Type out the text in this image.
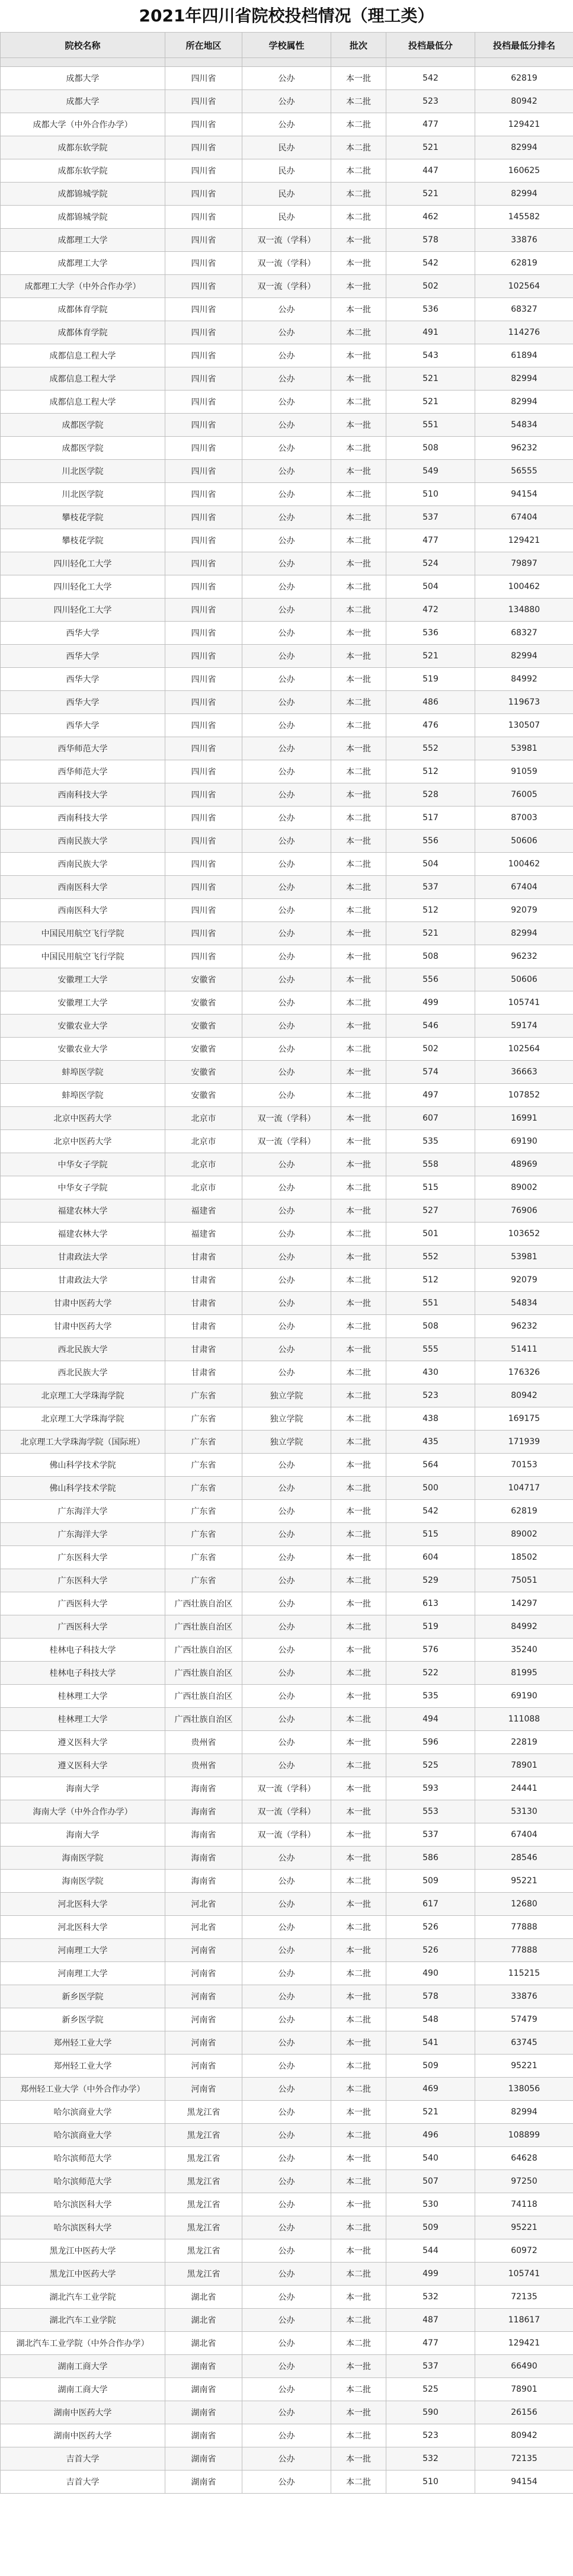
2021年四川省院校投档情况（理工类）
院校名称	所在地区	学校属性	批次	投档最低分	投档最低分排名

成都大学	四川省	公办	本一批	542	62819
成都大学	四川省	公办	本二批	523	80942
成都大学（中外合作办学）	四川省	公办	本二批	477	129421
成都东软学院	四川省	民办	本二批	521	82994
成都东软学院	四川省	民办	本二批	447	160625
成都锦城学院	四川省	民办	本二批	521	82994
成都锦城学院	四川省	民办	本二批	462	145582
成都理工大学	四川省	双一流（学科）	本一批	578	33876
成都理工大学	四川省	双一流（学科）	本一批	542	62819
成都理工大学（中外合作办学）	四川省	双一流（学科）	本一批	502	102564
成都体育学院	四川省	公办	本一批	536	68327
成都体育学院	四川省	公办	本二批	491	114276
成都信息工程大学	四川省	公办	本一批	543	61894
成都信息工程大学	四川省	公办	本一批	521	82994
成都信息工程大学	四川省	公办	本二批	521	82994
成都医学院	四川省	公办	本一批	551	54834
成都医学院	四川省	公办	本二批	508	96232
川北医学院	四川省	公办	本一批	549	56555
川北医学院	四川省	公办	本二批	510	94154
攀枝花学院	四川省	公办	本二批	537	67404
攀枝花学院	四川省	公办	本二批	477	129421
四川轻化工大学	四川省	公办	本一批	524	79897
四川轻化工大学	四川省	公办	本二批	504	100462
四川轻化工大学	四川省	公办	本二批	472	134880
西华大学	四川省	公办	本一批	536	68327
西华大学	四川省	公办	本一批	521	82994
西华大学	四川省	公办	本一批	519	84992
西华大学	四川省	公办	本二批	486	119673
西华大学	四川省	公办	本二批	476	130507
西华师范大学	四川省	公办	本一批	552	53981
西华师范大学	四川省	公办	本二批	512	91059
西南科技大学	四川省	公办	本一批	528	76005
西南科技大学	四川省	公办	本二批	517	87003
西南民族大学	四川省	公办	本一批	556	50606
西南民族大学	四川省	公办	本二批	504	100462
西南医科大学	四川省	公办	本二批	537	67404
西南医科大学	四川省	公办	本二批	512	92079
中国民用航空飞行学院	四川省	公办	本一批	521	82994
中国民用航空飞行学院	四川省	公办	本一批	508	96232
安徽理工大学	安徽省	公办	本一批	556	50606
安徽理工大学	安徽省	公办	本二批	499	105741
安徽农业大学	安徽省	公办	本一批	546	59174
安徽农业大学	安徽省	公办	本二批	502	102564
蚌埠医学院	安徽省	公办	本一批	574	36663
蚌埠医学院	安徽省	公办	本二批	497	107852
北京中医药大学	北京市	双一流（学科）	本一批	607	16991
北京中医药大学	北京市	双一流（学科）	本一批	535	69190
中华女子学院	北京市	公办	本一批	558	48969
中华女子学院	北京市	公办	本二批	515	89002
福建农林大学	福建省	公办	本一批	527	76906
福建农林大学	福建省	公办	本二批	501	103652
甘肃政法大学	甘肃省	公办	本一批	552	53981
甘肃政法大学	甘肃省	公办	本二批	512	92079
甘肃中医药大学	甘肃省	公办	本一批	551	54834
甘肃中医药大学	甘肃省	公办	本二批	508	96232
西北民族大学	甘肃省	公办	本一批	555	51411
西北民族大学	甘肃省	公办	本二批	430	176326
北京理工大学珠海学院	广东省	独立学院	本二批	523	80942
北京理工大学珠海学院	广东省	独立学院	本二批	438	169175
北京理工大学珠海学院（国际班）	广东省	独立学院	本二批	435	171939
佛山科学技术学院	广东省	公办	本一批	564	70153
佛山科学技术学院	广东省	公办	本二批	500	104717
广东海洋大学	广东省	公办	本一批	542	62819
广东海洋大学	广东省	公办	本二批	515	89002
广东医科大学	广东省	公办	本一批	604	18502
广东医科大学	广东省	公办	本二批	529	75051
广西医科大学	广西壮族自治区	公办	本一批	613	14297
广西医科大学	广西壮族自治区	公办	本二批	519	84992
桂林电子科技大学	广西壮族自治区	公办	本一批	576	35240
桂林电子科技大学	广西壮族自治区	公办	本二批	522	81995
桂林理工大学	广西壮族自治区	公办	本一批	535	69190
桂林理工大学	广西壮族自治区	公办	本二批	494	111088
遵义医科大学	贵州省	公办	本一批	596	22819
遵义医科大学	贵州省	公办	本二批	525	78901
海南大学	海南省	双一流（学科）	本一批	593	24441
海南大学（中外合作办学）	海南省	双一流（学科）	本一批	553	53130
海南大学	海南省	双一流（学科）	本一批	537	67404
海南医学院	海南省	公办	本一批	586	28546
海南医学院	海南省	公办	本二批	509	95221
河北医科大学	河北省	公办	本一批	617	12680
河北医科大学	河北省	公办	本二批	526	77888
河南理工大学	河南省	公办	本一批	526	77888
河南理工大学	河南省	公办	本二批	490	115215
新乡医学院	河南省	公办	本一批	578	33876
新乡医学院	河南省	公办	本二批	548	57479
郑州轻工业大学	河南省	公办	本一批	541	63745
郑州轻工业大学	河南省	公办	本二批	509	95221
郑州轻工业大学（中外合作办学）	河南省	公办	本二批	469	138056
哈尔滨商业大学	黑龙江省	公办	本一批	521	82994
哈尔滨商业大学	黑龙江省	公办	本二批	496	108899
哈尔滨师范大学	黑龙江省	公办	本一批	540	64628
哈尔滨师范大学	黑龙江省	公办	本二批	507	97250
哈尔滨医科大学	黑龙江省	公办	本一批	530	74118
哈尔滨医科大学	黑龙江省	公办	本二批	509	95221
黑龙江中医药大学	黑龙江省	公办	本一批	544	60972
黑龙江中医药大学	黑龙江省	公办	本二批	499	105741
湖北汽车工业学院	湖北省	公办	本一批	532	72135
湖北汽车工业学院	湖北省	公办	本二批	487	118617
湖北汽车工业学院（中外合作办学）	湖北省	公办	本二批	477	129421
湖南工商大学	湖南省	公办	本一批	537	66490
湖南工商大学	湖南省	公办	本二批	525	78901
湖南中医药大学	湖南省	公办	本一批	590	26156
湖南中医药大学	湖南省	公办	本二批	523	80942
吉首大学	湖南省	公办	本一批	532	72135
吉首大学	湖南省	公办	本二批	510	94154
